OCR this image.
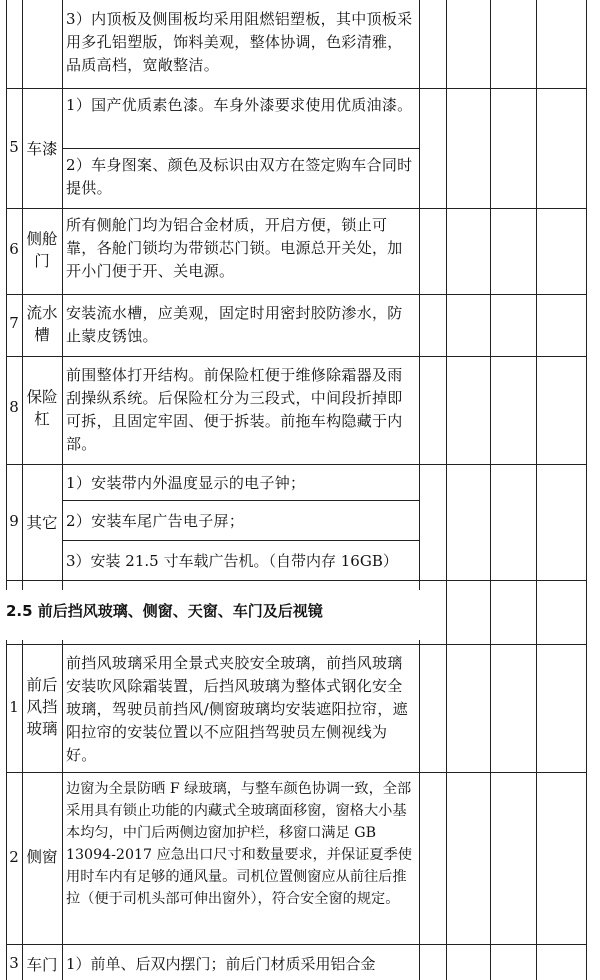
3）内顶板及侧围板均采用阻燃铝塑板，其中顶板采用多孔铝塑版，饰料美观，整体协调，色彩清雅，品质高档，宽敞整洁。
5 车漆
1）国产优质素色漆。车身外漆要求使用优质油漆。
2）车身图案、颜色及标识由双方在签定购车合同时提供。
6
侧舱门
所有侧舱门均为铝合金材质，开启方便，锁止可靠，各舱门锁均为带锁芯门锁。电源总开关处，加开小门便于开、关电源。
7
流水槽
安装流水槽，应美观，固定时用密封胶防渗水，防止蒙皮锈蚀。
8
保险杠
前围整体打开结构。前保险杠便于维修除霜器及雨刮操纵系统。后保险杠分为三段式，中间段折掉即可拆，且固定牢固、便于拆装。前拖车构隐藏于内部。
9 其它
1）安装带内外温度显示的电子钟；
2）安装车尾广告电子屏；
3）安装 21.5 寸车载广告机。（自带内存 16GB）
2.5 前后挡风玻璃、侧窗、天窗、车门及后视镜
1
前后风挡玻璃
前挡风玻璃采用全景式夹胶安全玻璃，前挡风玻璃安装吹风除霜装置，后挡风玻璃为整体式钢化安全玻璃，驾驶员前挡风/侧窗玻璃均安装遮阳拉帘，遮阳拉帘的安装位置以不应阻挡驾驶员左侧视线为好。
2 侧窗
边窗为全景防晒 F 绿玻璃，与整车颜色协调一致，全部采用具有锁止功能的内藏式全玻璃面移窗，窗格大小基本均匀，中门后两侧边窗加护栏，移窗口满足 GB 13094-2017 应急出口尺寸和数量要求，并保证夏季使用时车内有足够的通风量。司机位置侧窗应从前往后推拉（便于司机头部可伸出窗外），符合安全窗的规定。
3 车门 1）前单、后双内摆门；前后门材质采用铝合金
